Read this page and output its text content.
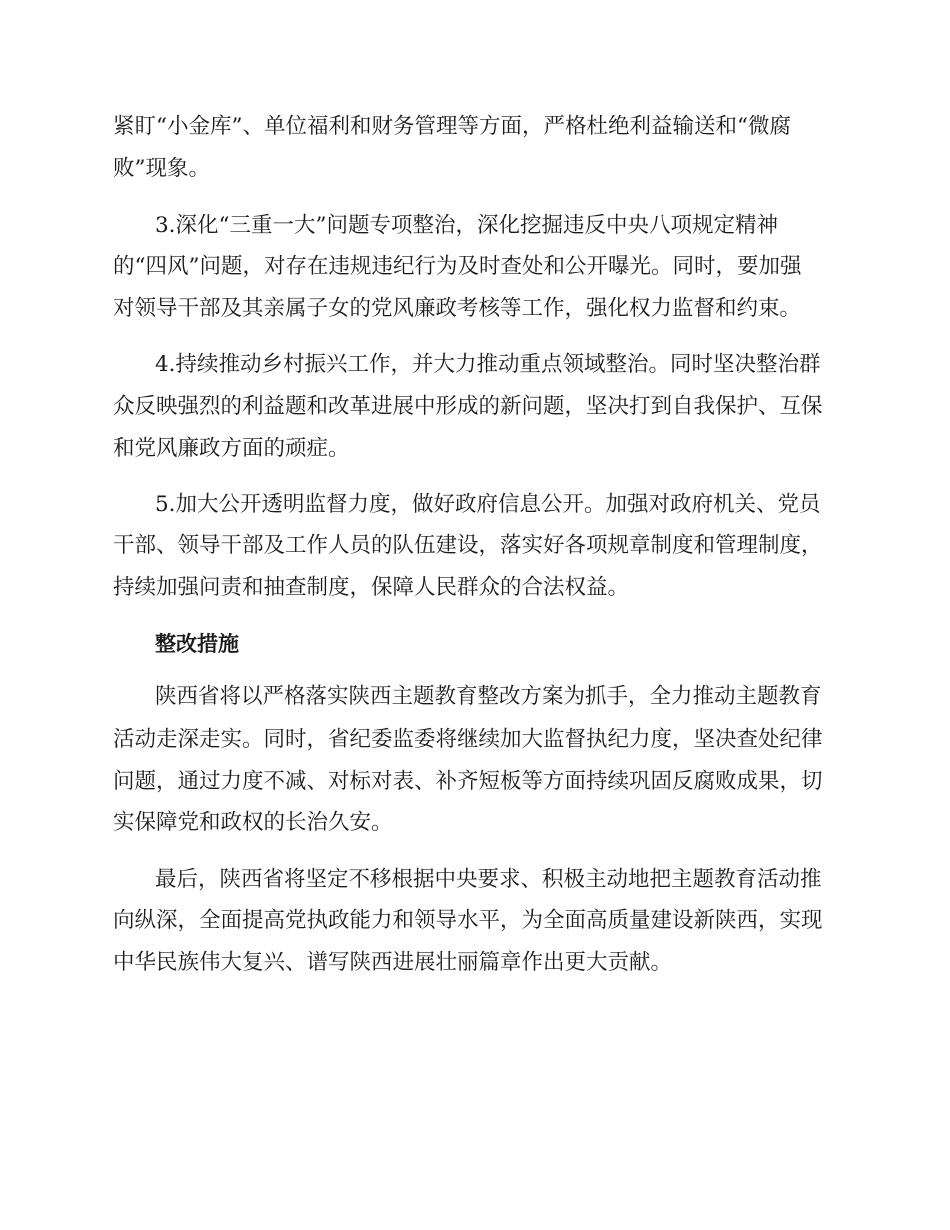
紧盯“小金库”、单位福利和财务管理等方面，严格杜绝利益输送和“微腐
败”现象。
3.深化“三重一大”问题专项整治，深化挖掘违反中央八项规定精神
的“四风”问题，对存在违规违纪行为及时查处和公开曝光。同时，要加强
对领导干部及其亲属子女的党风廉政考核等工作，强化权力监督和约束。
4.持续推动乡村振兴工作，并大力推动重点领域整治。同时坚决整治群
众反映强烈的利益题和改革进展中形成的新问题，坚决打到自我保护、互保
和党风廉政方面的顽症。
5.加大公开透明监督力度，做好政府信息公开。加强对政府机关、党员
干部、领导干部及工作人员的队伍建设，落实好各项规章制度和管理制度，
持续加强问责和抽查制度，保障人民群众的合法权益。
整改措施
陕西省将以严格落实陕西主题教育整改方案为抓手，全力推动主题教育
活动走深走实。同时，省纪委监委将继续加大监督执纪力度，坚决查处纪律
问题，通过力度不减、对标对表、补齐短板等方面持续巩固反腐败成果，切
实保障党和政权的长治久安。
最后，陕西省将坚定不移根据中央要求、积极主动地把主题教育活动推
向纵深，全面提高党执政能力和领导水平，为全面高质量建设新陕西，实现
中华民族伟大复兴、谱写陕西进展壮丽篇章作出更大贡献。
